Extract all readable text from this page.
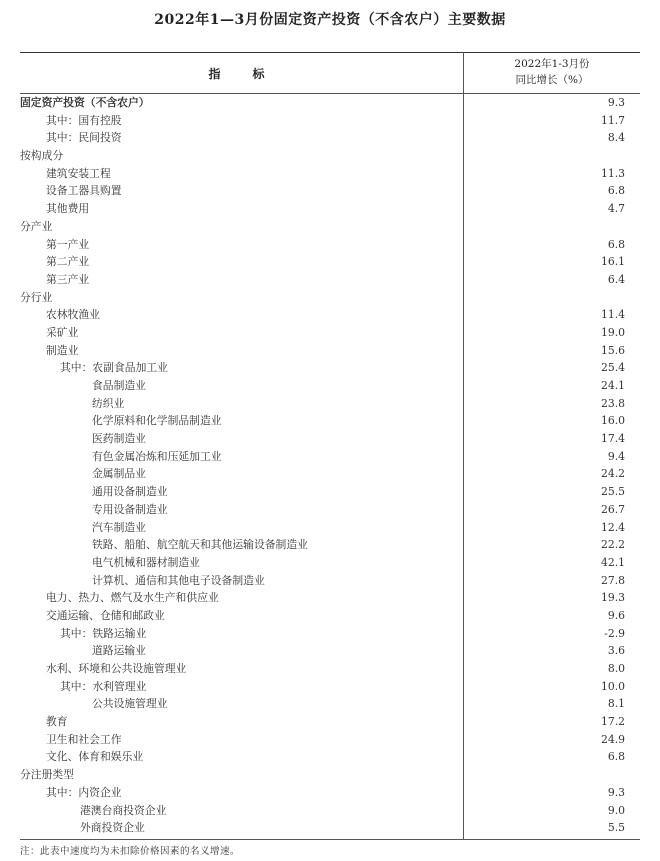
2022年1—3月份固定资产投资（不含农户）主要数据
指　标
2022年1-3月份
同比增长（%）
固定资产投资（不含农户）	9.3
其中：国有控股	11.7
其中：民间投资	8.4
按构成分
建筑安装工程	11.3
设备工器具购置	6.8
其他费用	4.7
分产业
第一产业	6.8
第二产业	16.1
第三产业	6.4
分行业
农林牧渔业	11.4
采矿业	19.0
制造业	15.6
其中：农副食品加工业	25.4
食品制造业	24.1
纺织业	23.8
化学原料和化学制品制造业	16.0
医药制造业	17.4
有色金属冶炼和压延加工业	9.4
金属制品业	24.2
通用设备制造业	25.5
专用设备制造业	26.7
汽车制造业	12.4
铁路、船舶、航空航天和其他运输设备制造业	22.2
电气机械和器材制造业	42.1
计算机、通信和其他电子设备制造业	27.8
电力、热力、燃气及水生产和供应业	19.3
交通运输、仓储和邮政业	9.6
其中：铁路运输业	-2.9
道路运输业	3.6
水利、环境和公共设施管理业	8.0
其中：水利管理业	10.0
公共设施管理业	8.1
教育	17.2
卫生和社会工作	24.9
文化、体育和娱乐业	6.8
分注册类型
其中：内资企业	9.3
港澳台商投资企业	9.0
外商投资企业	5.5
注：此表中速度均为未扣除价格因素的名义增速。
